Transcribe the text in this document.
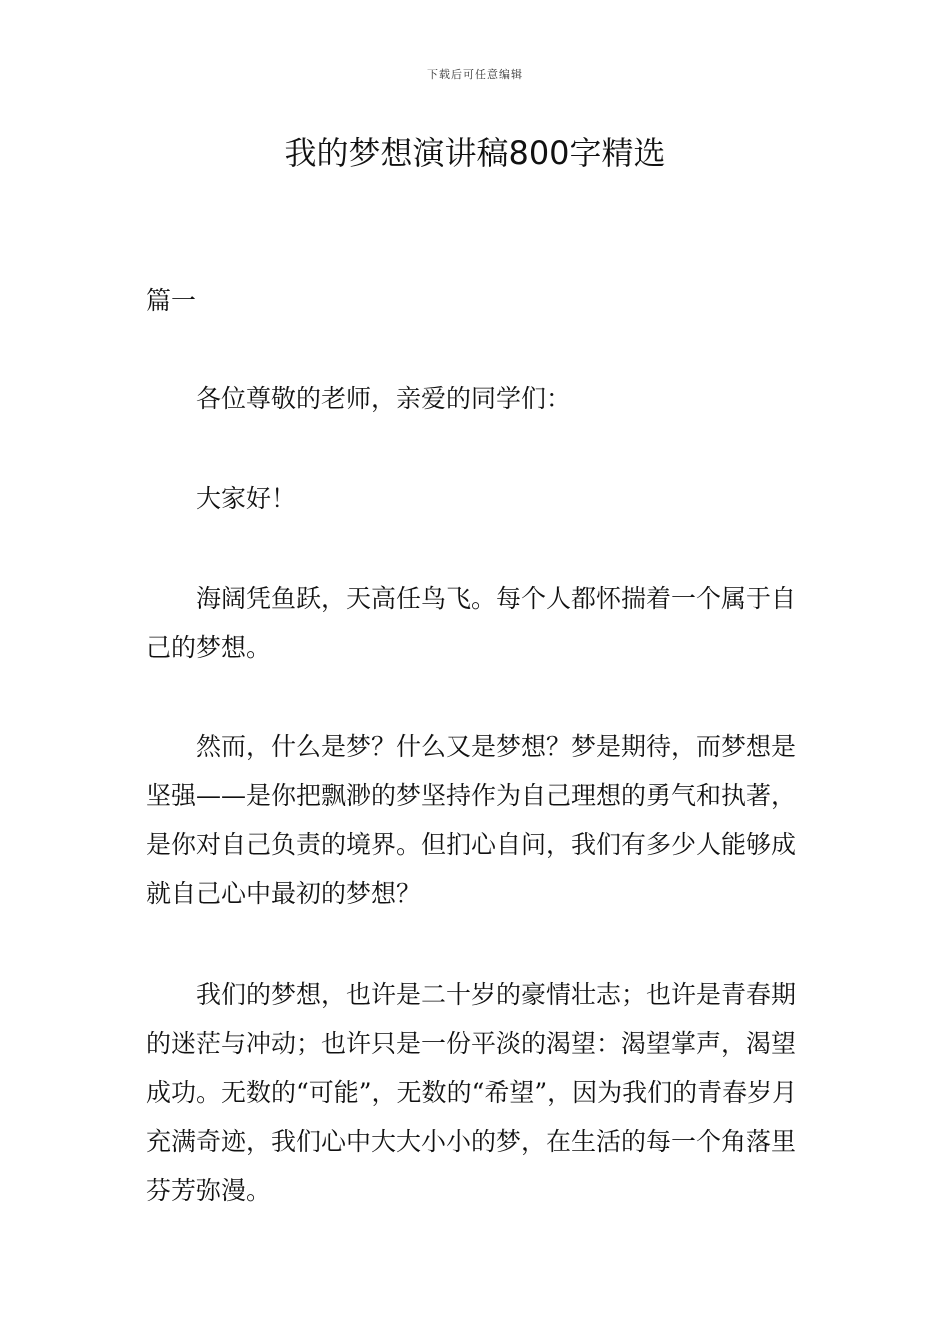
下载后可任意编辑
我的梦想演讲稿800字精选

篇一

各位尊敬的老师，亲爱的同学们：

大家好！

海阔凭鱼跃，天高任鸟飞。每个人都怀揣着一个属于自己的梦想。

然而，什么是梦？什么又是梦想？梦是期待，而梦想是坚强——是你把飘渺的梦坚持作为自己理想的勇气和执著，是你对自己负责的境界。但扪心自问，我们有多少人能够成就自己心中最初的梦想？

我们的梦想，也许是二十岁的豪情壮志；也许是青春期的迷茫与冲动；也许只是一份平淡的渴望：渴望掌声，渴望成功。无数的“可能”，无数的“希望”，因为我们的青春岁月充满奇迹，我们心中大大小小的梦，在生活的每一个角落里芬芳弥漫。
